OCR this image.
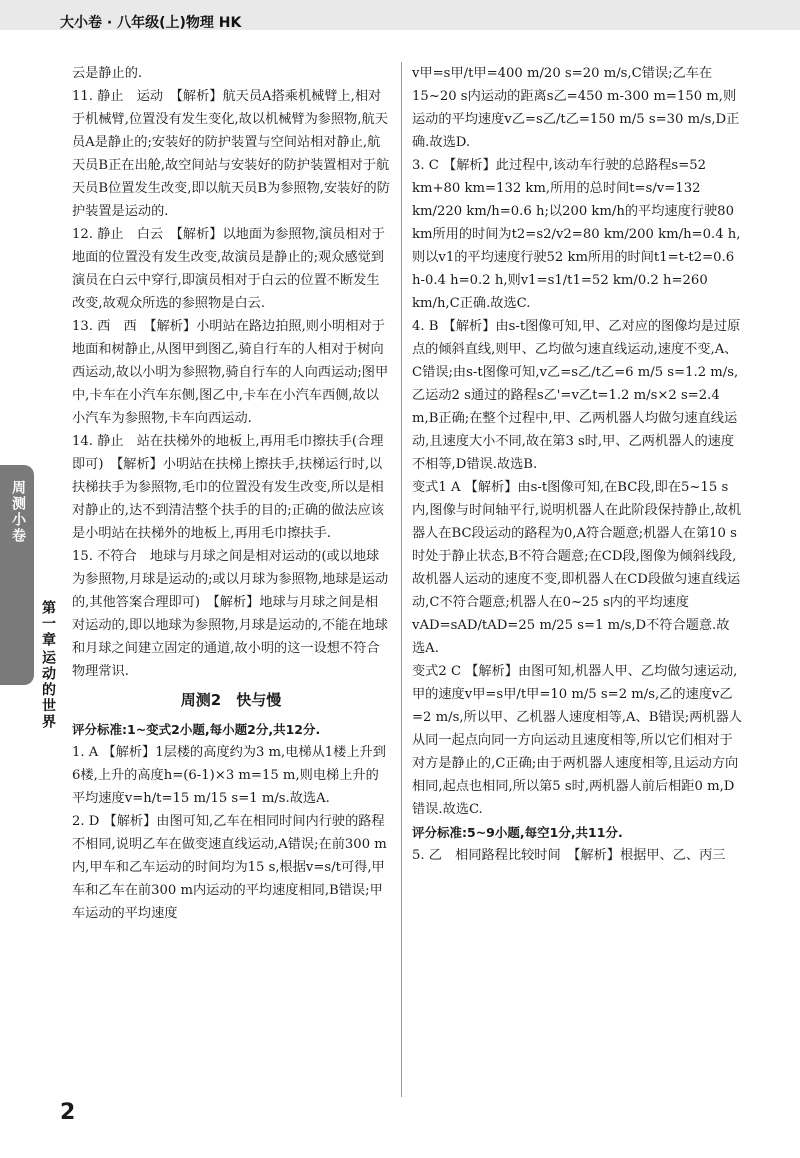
大小卷 · 八年级(上)物理 HK
周测小卷
第一章
运动的世界

云是静止的.

11. 静止　运动　【解析】航天员A搭乘机械臂上,相对于机械臂,位置没有发生变化,故以机械臂为参照物,航天员A是静止的;安装好的防护装置与空间站相对静止,航天员B正在出舱,故空间站与安装好的防护装置相对于航天员B位置发生改变,即以航天员B为参照物,安装好的防护装置是运动的.

12. 静止　白云　【解析】以地面为参照物,演员相对于地面的位置没有发生改变,故演员是静止的;观众感觉到演员在白云中穿行,即演员相对于白云的位置不断发生改变,故观众所选的参照物是白云.

13. 西　西　【解析】小明站在路边拍照,则小明相对于地面和树静止,从图甲到图乙,骑自行车的人相对于树向西运动,故以小明为参照物,骑自行车的人向西运动;图甲中,卡车在小汽车东侧,图乙中,卡车在小汽车西侧,故以小汽车为参照物,卡车向西运动.

14. 静止　站在扶梯外的地板上,再用毛巾擦扶手(合理即可)　【解析】小明站在扶梯上擦扶手,扶梯运行时,以扶梯扶手为参照物,毛巾的位置没有发生改变,所以是相对静止的,达不到清洁整个扶手的目的;正确的做法应该是小明站在扶梯外的地板上,再用毛巾擦扶手.

15. 不符合　地球与月球之间是相对运动的(或以地球为参照物,月球是运动的;或以月球为参照物,地球是运动的,其他答案合理即可)　【解析】地球与月球之间是相对运动的,即以地球为参照物,月球是运动的,不能在地球和月球之间建立固定的通道,故小明的这一设想不符合物理常识.

周测2　快与慢

评分标准:1~变式2小题,每小题2分,共12分.

1. A 【解析】1层楼的高度约为3 m,电梯从1楼上升到6楼,上升的高度h=(6-1)×3 m=15 m,则电梯上升的平均速度v=h/t=15 m/15 s=1 m/s.故选A.

2. D 【解析】由图可知,乙车在相同时间内行驶的路程不相同,说明乙车在做变速直线运动,A错误;在前300 m内,甲车和乙车运动的时间均为15 s,根据v=s/t可得,甲车和乙车在前300 m内运动的平均速度相同,B错误;甲车运动的平均速度

v甲=s甲/t甲=400 m/20 s=20 m/s,C错误;乙车在15~20 s内运动的距离s乙=450 m-300 m=150 m,则运动的平均速度v乙=s乙/t乙=150 m/5 s=30 m/s,D正确.故选D.

3. C 【解析】此过程中,该动车行驶的总路程s=52 km+80 km=132 km,所用的总时间t=s/v=132 km/220 km/h=0.6 h;以200 km/h的平均速度行驶80 km所用的时间为t2=s2/v2=80 km/200 km/h=0.4 h,则以v1的平均速度行驶52 km所用的时间t1=t-t2=0.6 h-0.4 h=0.2 h,则v1=s1/t1=52 km/0.2 h=260 km/h,C正确.故选C.

4. B 【解析】由s-t图像可知,甲、乙对应的图像均是过原点的倾斜直线,则甲、乙均做匀速直线运动,速度不变,A、C错误;由s-t图像可知,v乙=s乙/t乙=6 m/5 s=1.2 m/s,乙运动2 s通过的路程s乙'=v乙t=1.2 m/s×2 s=2.4 m,B正确;在整个过程中,甲、乙两机器人均做匀速直线运动,且速度大小不同,故在第3 s时,甲、乙两机器人的速度不相等,D错误.故选B.

变式1 A 【解析】由s-t图像可知,在BC段,即在5~15 s内,图像与时间轴平行,说明机器人在此阶段保持静止,故机器人在BC段运动的路程为0,A符合题意;机器人在第10 s时处于静止状态,B不符合题意;在CD段,图像为倾斜线段,故机器人运动的速度不变,即机器人在CD段做匀速直线运动,C不符合题意;机器人在0~25 s内的平均速度vAD=sAD/tAD=25 m/25 s=1 m/s,D不符合题意.故选A.

变式2 C 【解析】由图可知,机器人甲、乙均做匀速运动,甲的速度v甲=s甲/t甲=10 m/5 s=2 m/s,乙的速度v乙=2 m/s,所以甲、乙机器人速度相等,A、B错误;两机器人从同一起点向同一方向运动且速度相等,所以它们相对于对方是静止的,C正确;由于两机器人速度相等,且运动方向相同,起点也相同,所以第5 s时,两机器人前后相距0 m,D错误.故选C.

评分标准:5~9小题,每空1分,共11分.

5. 乙　相同路程比较时间　【解析】根据甲、乙、丙三

2
